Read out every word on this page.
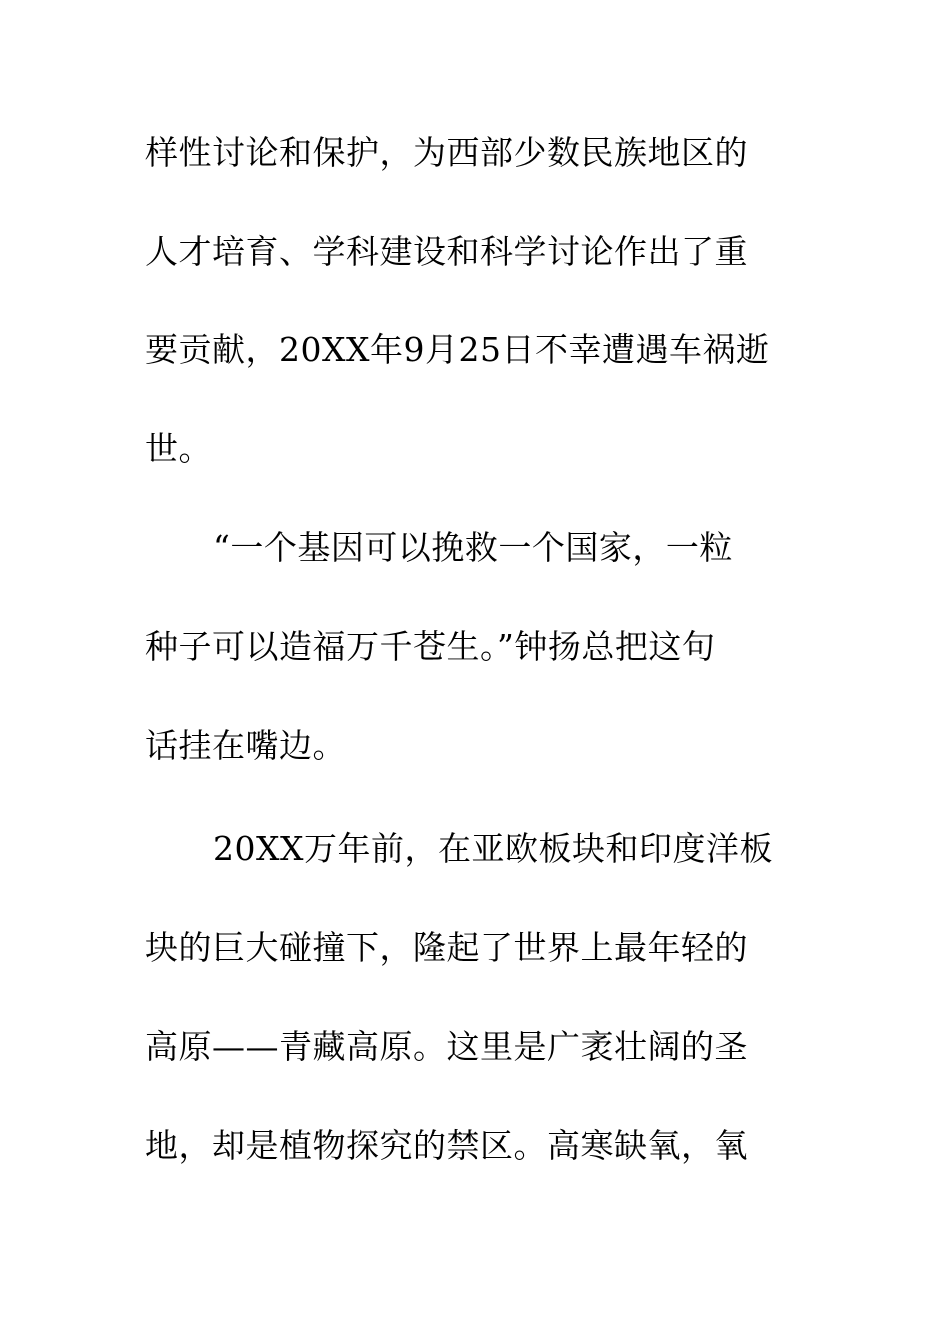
样性讨论和保护，为西部少数民族地区的
人才培育、学科建设和科学讨论作出了重
要贡献，20XX年9月25日不幸遭遇车祸逝
世。
“一个基因可以挽救一个国家，一粒
种子可以造福万千苍生。”钟扬总把这句
话挂在嘴边。
20XX万年前，在亚欧板块和印度洋板
块的巨大碰撞下，隆起了世界上最年轻的
高原——青藏高原。这里是广袤壮阔的圣
地，却是植物探究的禁区。高寒缺氧，氧
